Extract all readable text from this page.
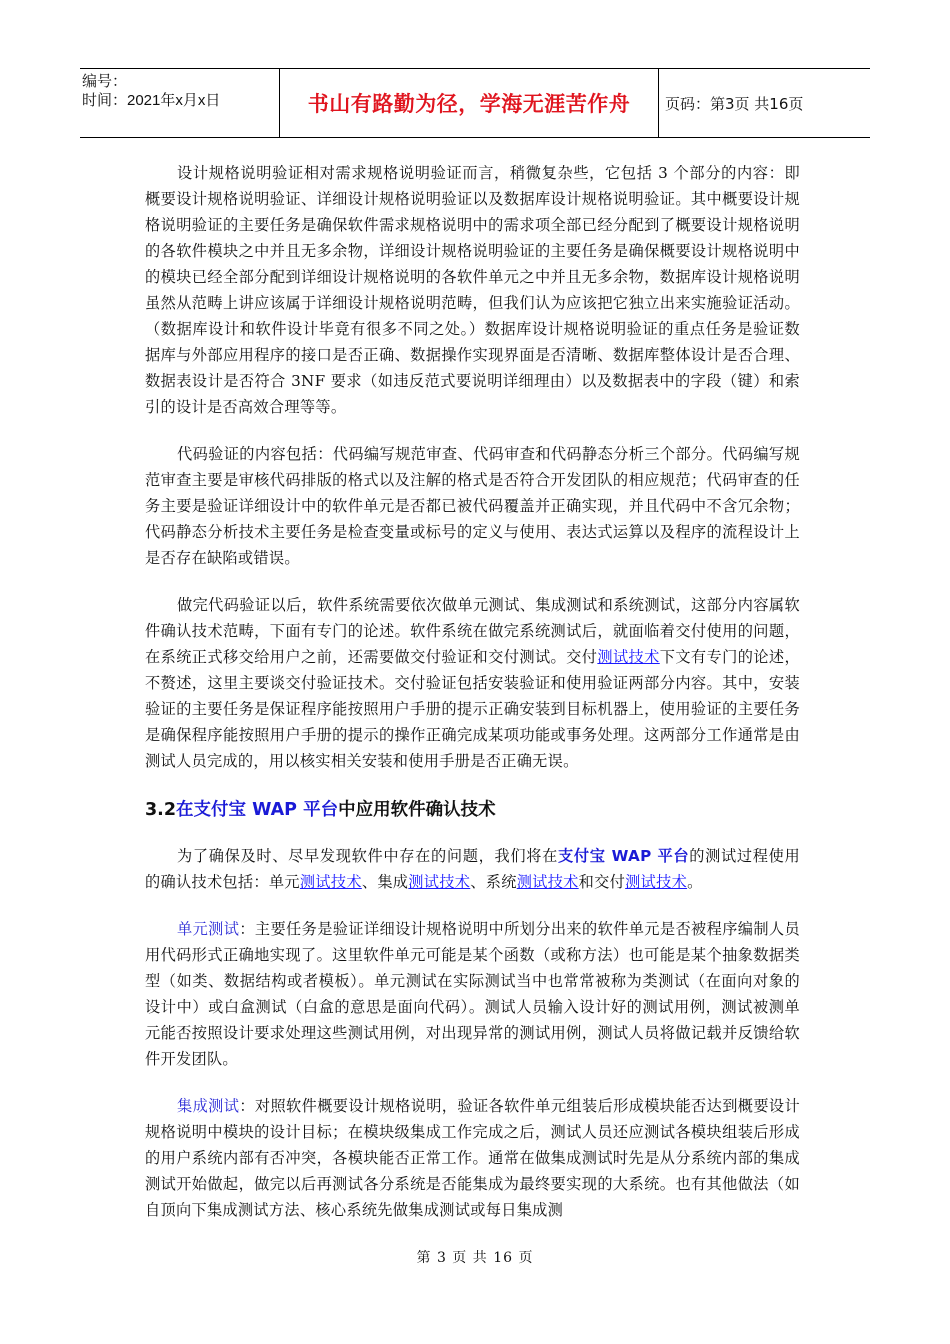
编号：
时间：2021年x月x日	书山有路勤为径，学海无涯苦作舟	页码：第3页 共16页

设计规格说明验证相对需求规格说明验证而言，稍微复杂些，它包括 3 个部分的内容：即概要设计规格说明验证、详细设计规格说明验证以及数据库设计规格说明验证。其中概要设计规格说明验证的主要任务是确保软件需求规格说明中的需求项全部已经分配到了概要设计规格说明的各软件模块之中并且无多余物，详细设计规格说明验证的主要任务是确保概要设计规格说明中的模块已经全部分配到详细设计规格说明的各软件单元之中并且无多余物，数据库设计规格说明虽然从范畴上讲应该属于详细设计规格说明范畴，但我们认为应该把它独立出来实施验证活动。（数据库设计和软件设计毕竟有很多不同之处。）数据库设计规格说明验证的重点任务是验证数据库与外部应用程序的接口是否正确、数据操作实现界面是否清晰、数据库整体设计是否合理、数据表设计是否符合 3NF 要求（如违反范式要说明详细理由）以及数据表中的字段（键）和索引的设计是否高效合理等等。

代码验证的内容包括：代码编写规范审查、代码审查和代码静态分析三个部分。代码编写规范审查主要是审核代码排版的格式以及注解的格式是否符合开发团队的相应规范；代码审查的任务主要是验证详细设计中的软件单元是否都已被代码覆盖并正确实现，并且代码中不含冗余物；代码静态分析技术主要任务是检查变量或标号的定义与使用、表达式运算以及程序的流程设计上是否存在缺陷或错误。

做完代码验证以后，软件系统需要依次做单元测试、集成测试和系统测试，这部分内容属软件确认技术范畴，下面有专门的论述。软件系统在做完系统测试后，就面临着交付使用的问题，在系统正式移交给用户之前，还需要做交付验证和交付测试。交付测试技术下文有专门的论述，不赘述，这里主要谈交付验证技术。交付验证包括安装验证和使用验证两部分内容。其中，安装验证的主要任务是保证程序能按照用户手册的提示正确安装到目标机器上，使用验证的主要任务是确保程序能按照用户手册的提示的操作正确完成某项功能或事务处理。这两部分工作通常是由测试人员完成的，用以核实相关安装和使用手册是否正确无误。

3.2在支付宝 WAP 平台中应用软件确认技术

为了确保及时、尽早发现软件中存在的问题，我们将在支付宝 WAP 平台的测试过程使用的确认技术包括：单元测试技术、集成测试技术、系统测试技术和交付测试技术。

单元测试：主要任务是验证详细设计规格说明中所划分出来的软件单元是否被程序编制人员用代码形式正确地实现了。这里软件单元可能是某个函数（或称方法）也可能是某个抽象数据类型（如类、数据结构或者模板）。单元测试在实际测试当中也常常被称为类测试（在面向对象的设计中）或白盒测试（白盒的意思是面向代码）。测试人员输入设计好的测试用例，测试被测单元能否按照设计要求处理这些测试用例，对出现异常的测试用例，测试人员将做记载并反馈给软件开发团队。

集成测试：对照软件概要设计规格说明，验证各软件单元组装后形成模块能否达到概要设计规格说明中模块的设计目标；在模块级集成工作完成之后，测试人员还应测试各模块组装后形成的用户系统内部有否冲突，各模块能否正常工作。通常在做集成测试时先是从分系统内部的集成测试开始做起，做完以后再测试各分系统是否能集成为最终要实现的大系统。也有其他做法（如自顶向下集成测试方法、核心系统先做集成测试或每日集成测

第 3 页 共 16 页
